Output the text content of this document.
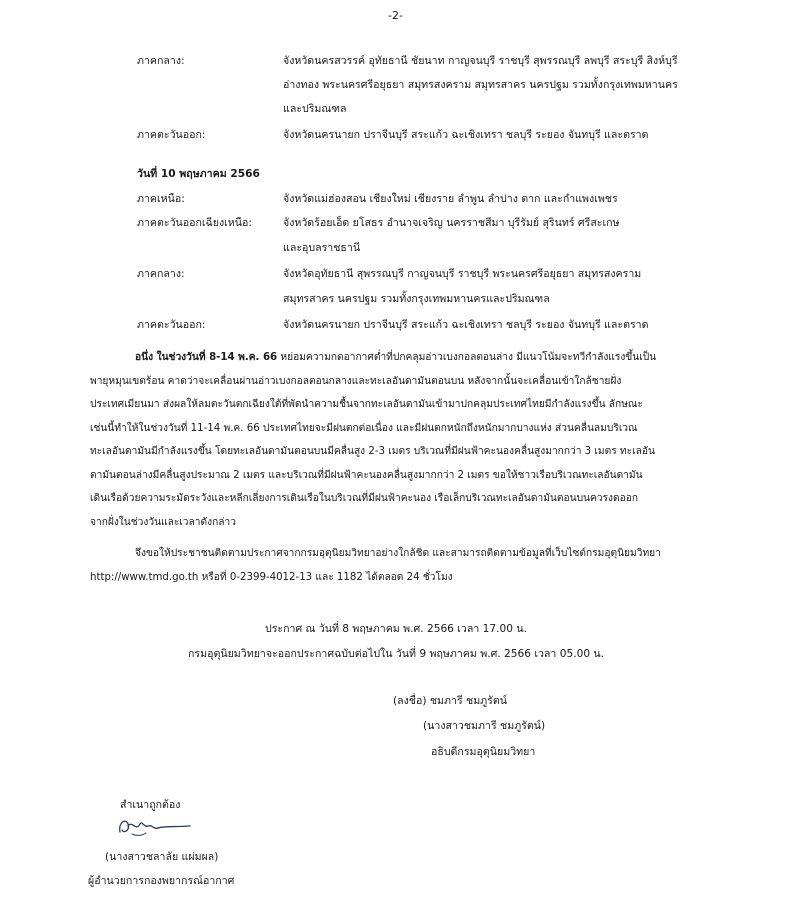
-2-
ภาคกลาง:	จังหวัดนครสวรรค์ อุทัยธานี ชัยนาท กาญจนบุรี ราชบุรี สุพรรณบุรี ลพบุรี สระบุรี สิงห์บุรี
อ่างทอง พระนครศรีอยุธยา สมุทรสงคราม สมุทรสาคร นครปฐม รวมทั้งกรุงเทพมหานคร
และปริมณฑล
ภาคตะวันออก:	จังหวัดนครนายก ปราจีนบุรี สระแก้ว ฉะเชิงเทรา ชลบุรี ระยอง จันทบุรี และตราด
วันที่ 10 พฤษภาคม 2566
ภาคเหนือ:	จังหวัดแม่ฮ่องสอน เชียงใหม่ เชียงราย ลำพูน ลำปาง ตาก และกำแพงเพชร
ภาคตะวันออกเฉียงเหนือ:	จังหวัดร้อยเอ็ด ยโสธร อำนาจเจริญ นครราชสีมา บุรีรัมย์ สุรินทร์ ศรีสะเกษ
และอุบลราชธานี
ภาคกลาง:	จังหวัดอุทัยธานี สุพรรณบุรี กาญจนบุรี ราชบุรี พระนครศรีอยุธยา สมุทรสงคราม
สมุทรสาคร นครปฐม รวมทั้งกรุงเทพมหานครและปริมณฑล
ภาคตะวันออก:	จังหวัดนครนายก ปราจีนบุรี สระแก้ว ฉะเชิงเทรา ชลบุรี ระยอง จันทบุรี และตราด
อนึ่ง ในช่วงวันที่ 8-14 พ.ค. 66 หย่อมความกดอากาศต่ำที่ปกคลุมอ่าวเบงกอลตอนล่าง มีแนวโน้มจะทวีกำลังแรงขึ้นเป็น
พายุหมุนเขตร้อน คาดว่าจะเคลื่อนผ่านอ่าวเบงกอลตอนกลางและทะเลอันดามันตอนบน หลังจากนั้นจะเคลื่อนเข้าใกล้ชายฝั่ง
ประเทศเมียนมา ส่งผลให้ลมตะวันตกเฉียงใต้ที่พัดนำความชื้นจากทะเลอันดามันเข้ามาปกคลุมประเทศไทยมีกำลังแรงขึ้น ลักษณะ
เช่นนี้ทำให้ในช่วงวันที่ 11-14 พ.ค. 66 ประเทศไทยจะมีฝนตกต่อเนื่อง และมีฝนตกหนักถึงหนักมากบางแห่ง ส่วนคลื่นลมบริเวณ
ทะเลอันดามันมีกำลังแรงขึ้น โดยทะเลอันดามันตอนบนมีคลื่นสูง 2-3 เมตร บริเวณที่มีฝนฟ้าคะนองคลื่นสูงมากกว่า 3 เมตร ทะเลอัน
ดามันตอนล่างมีคลื่นสูงประมาณ 2 เมตร และบริเวณที่มีฝนฟ้าคะนองคลื่นสูงมากกว่า 2 เมตร ขอให้ชาวเรือบริเวณทะเลอันดามัน
เดินเรือด้วยความระมัดระวังและหลีกเลี่ยงการเดินเรือในบริเวณที่มีฝนฟ้าคะนอง เรือเล็กบริเวณทะเลอันดามันตอนบนควรงดออก
จากฝั่งในช่วงวันและเวลาดังกล่าว
จึงขอให้ประชาชนติดตามประกาศจากกรมอุตุนิยมวิทยาอย่างใกล้ชิด และสามารถติดตามข้อมูลที่เว็บไซต์กรมอุตุนิยมวิทยา
http://www.tmd.go.th หรือที่ 0-2399-4012-13 และ 1182 ได้ตลอด 24 ชั่วโมง
ประกาศ ณ วันที่ 8 พฤษภาคม พ.ศ. 2566 เวลา 17.00 น.
กรมอุตุนิยมวิทยาจะออกประกาศฉบับต่อไปใน วันที่ 9 พฤษภาคม พ.ศ. 2566 เวลา 05.00 น.
(ลงชื่อ) ชมภารี ชมภูรัตน์
(นางสาวชมภารี ชมภูรัตน์)
อธิบดีกรมอุตุนิยมวิทยา
สำเนาถูกต้อง
(นางสาวชลาลัย แผ่มผล)
ผู้อำนวยการกองพยากรณ์อากาศ
